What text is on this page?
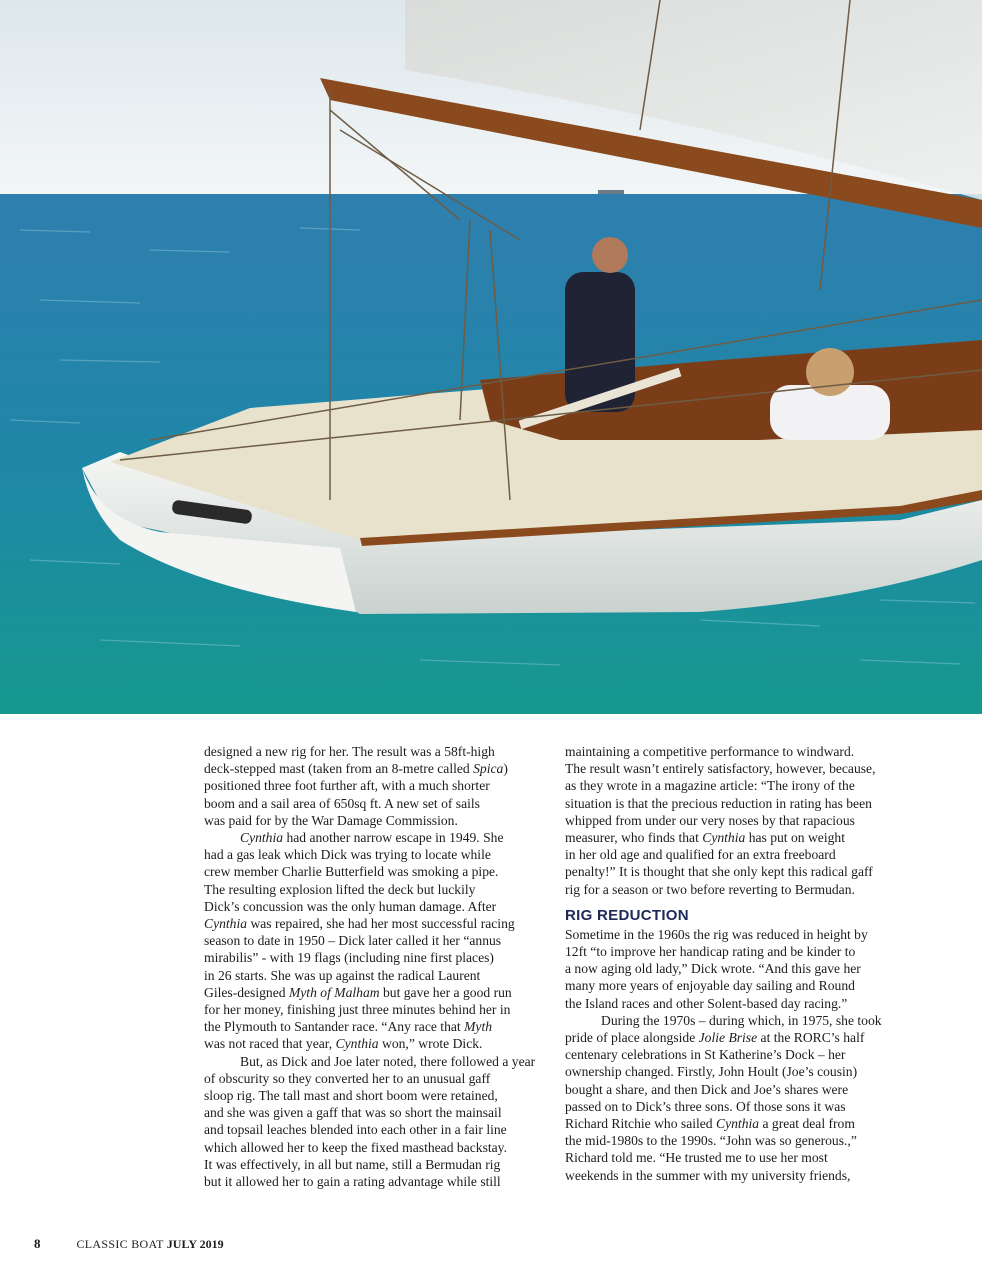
designed a new rig for her. The result was a 58ft-high
deck-stepped mast (taken from an 8-metre called Spica)
positioned three foot further aft, with a much shorter
boom and a sail area of 650sq ft. A new set of sails
was paid for by the War Damage Commission.

Cynthia had another narrow escape in 1949. She
had a gas leak which Dick was trying to locate while
crew member Charlie Butterfield was smoking a pipe.
The resulting explosion lifted the deck but luckily
Dick’s concussion was the only human damage. After
Cynthia was repaired, she had her most successful racing
season to date in 1950 – Dick later called it her “annus
mirabilis” - with 19 flags (including nine first places)
in 26 starts. She was up against the radical Laurent
Giles-designed Myth of Malham but gave her a good run
for her money, finishing just three minutes behind her in
the Plymouth to Santander race. “Any race that Myth
was not raced that year, Cynthia won,” wrote Dick.

But, as Dick and Joe later noted, there followed a year
of obscurity so they converted her to an unusual gaff
sloop rig. The tall mast and short boom were retained,
and she was given a gaff that was so short the mainsail
and topsail leaches blended into each other in a fair line
which allowed her to keep the fixed masthead backstay.
It was effectively, in all but name, still a Bermudan rig
but it allowed her to gain a rating advantage while still

maintaining a competitive performance to windward.
The result wasn’t entirely satisfactory, however, because,
as they wrote in a magazine article: “The irony of the
situation is that the precious reduction in rating has been
whipped from under our very noses by that rapacious
measurer, who finds that Cynthia has put on weight
in her old age and qualified for an extra freeboard
penalty!” It is thought that she only kept this radical gaff
rig for a season or two before reverting to Bermudan.

RIG REDUCTION

Sometime in the 1960s the rig was reduced in height by
12ft “to improve her handicap rating and be kinder to
a now aging old lady,” Dick wrote. “And this gave her
many more years of enjoyable day sailing and Round
the Island races and other Solent-based day racing.”

During the 1970s – during which, in 1975, she took
pride of place alongside Jolie Brise at the RORC’s half
centenary celebrations in St Katherine’s Dock – her
ownership changed. Firstly, John Hoult (Joe’s cousin)
bought a share, and then Dick and Joe’s shares were
passed on to Dick’s three sons. Of those sons it was
Richard Ritchie who sailed Cynthia a great deal from
the mid-1980s to the 1990s. “John was so generous.,”
Richard told me. “He trusted me to use her most
weekends in the summer with my university friends,

8	CLASSIC BOAT JULY 2019
